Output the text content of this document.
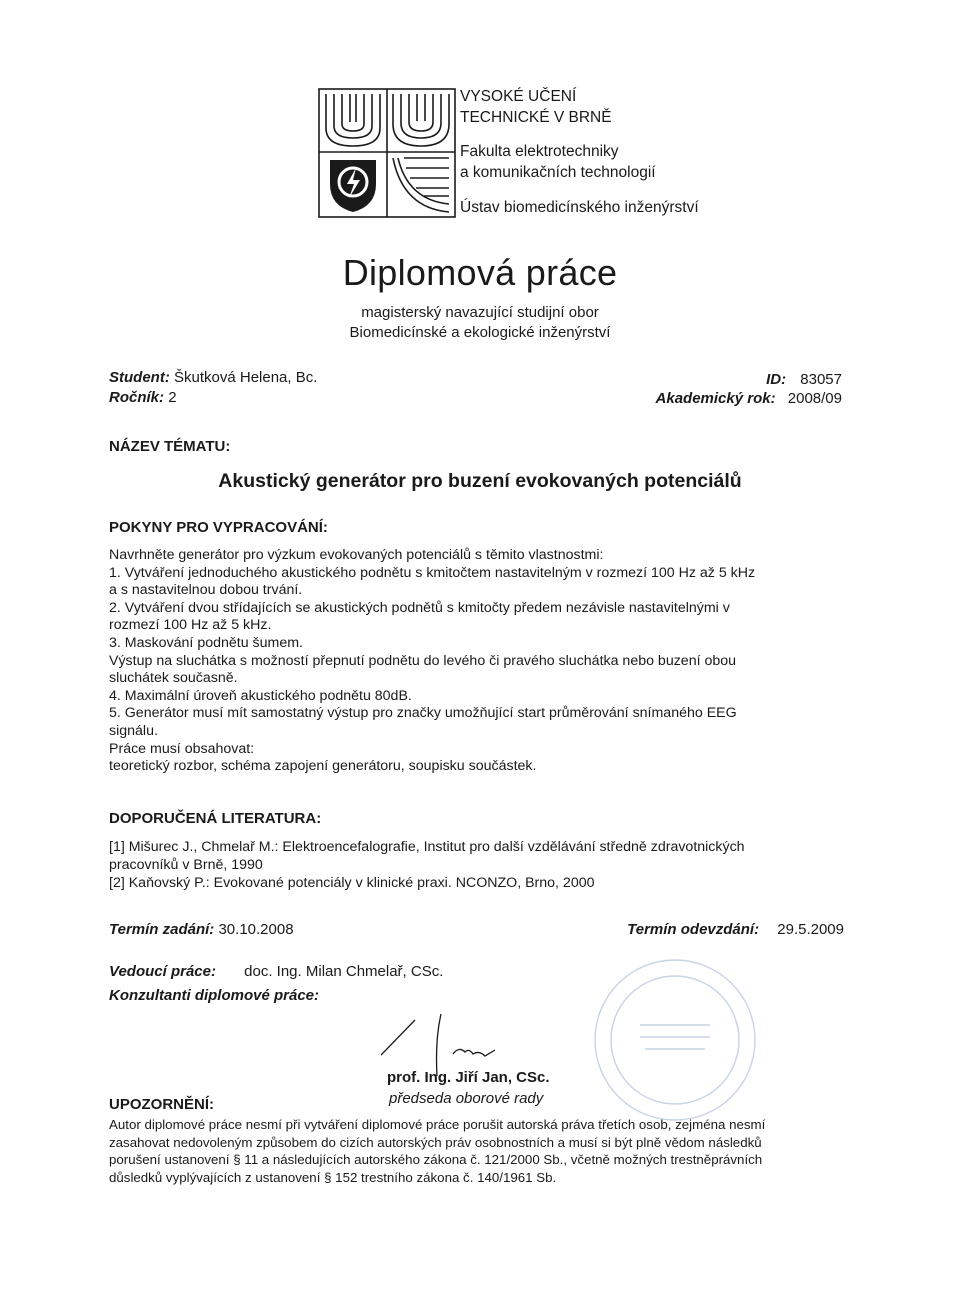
VYSOKÉ UČENÍ
TECHNICKÉ V BRNĚ
Fakulta elektrotechniky
a komunikačních technologií
Ústav biomedicínského inženýrství
Diplomová práce
magisterský navazující studijní obor
Biomedicínské a ekologické inženýrství
Student: Škutková Helena, Bc.
Ročník: 2
ID: 83057
Akademický rok: 2008/09
NÁZEV TÉMATU:
Akustický generátor pro buzení evokovaných potenciálů
POKYNY PRO VYPRACOVÁNÍ:
Navrhněte generátor pro výzkum evokovaných potenciálů s těmito vlastnostmi:
1. Vytváření jednoduchého akustického podnětu s kmitočtem nastavitelným v rozmezí 100 Hz až 5 kHz
a s nastavitelnou dobou trvání.
2. Vytváření dvou střídajících se akustických podnětů s kmitočty předem nezávisle nastavitelnými v
rozmezí 100 Hz až 5 kHz.
3. Maskování podnětu šumem.
Výstup na sluchátka s možností přepnutí podnětu do levého či pravého sluchátka nebo buzení obou
sluchátek současně.
4. Maximální úroveň akustického podnětu 80dB.
5. Generátor musí mít samostatný výstup pro značky umožňující start průměrování snímaného EEG
signálu.
Práce musí obsahovat:
teoretický rozbor, schéma zapojení generátoru, soupisku součástek.
DOPORUČENÁ LITERATURA:
[1] Mišurec J., Chmelař M.: Elektroencefalografie, Institut pro další vzdělávání středně zdravotnických
pracovníků v Brně, 1990
[2] Kaňovský P.: Evokované potenciály v klinické praxi. NCONZO, Brno, 2000
Termín zadání: 30.10.2008	Termín odevzdání: 29.5.2009
Vedoucí práce: doc. Ing. Milan Chmelař, CSc.
Konzultanti diplomové práce:
prof. Ing. Jiří Jan, CSc.
předseda oborové rady
UPOZORNĚNÍ:
Autor diplomové práce nesmí při vytváření diplomové práce porušit autorská práva třetích osob, zejména nesmí
zasahovat nedovoleným způsobem do cizích autorských práv osobnostních a musí si být plně vědom následků
porušení ustanovení § 11 a následujících autorského zákona č. 121/2000 Sb., včetně možných trestněprávních
důsledků vyplývajících z ustanovení § 152 trestního zákona č. 140/1961 Sb.
